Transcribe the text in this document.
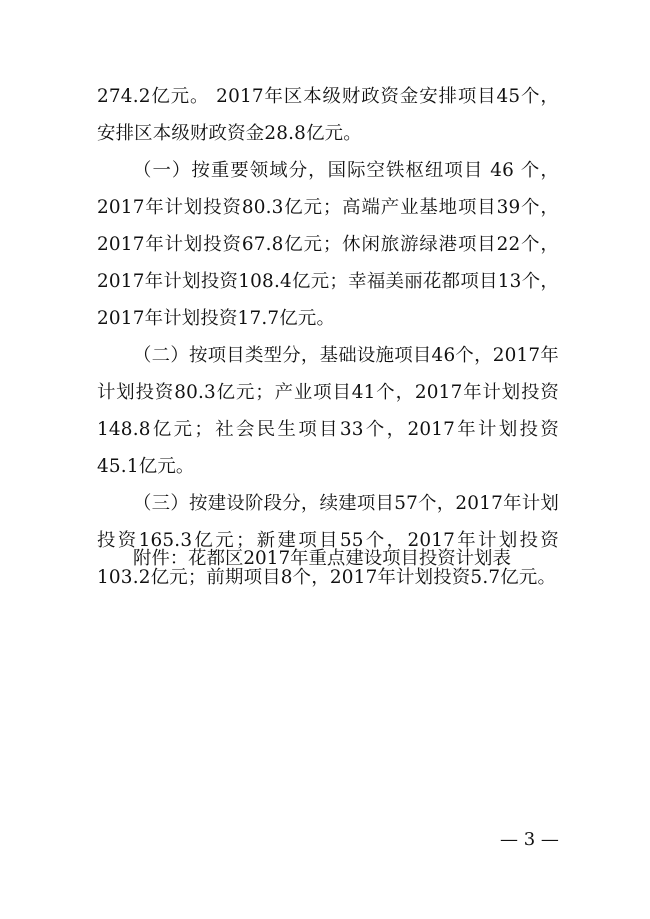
274.2亿元。 2017年区本级财政资金安排项目45个，安排区本级财政资金28.8亿元。

（一）按重要领域分，国际空铁枢纽项目 46 个，2017年计划投资80.3亿元；高端产业基地项目39个，2017年计划投资67.8亿元；休闲旅游绿港项目22个，2017年计划投资108.4亿元；幸福美丽花都项目13个，2017年计划投资17.7亿元。

（二）按项目类型分，基础设施项目46个，2017年计划投资80.3亿元；产业项目41个，2017年计划投资148.8亿元；社会民生项目33个，2017年计划投资45.1亿元。

（三）按建设阶段分，续建项目57个，2017年计划投资165.3亿元；新建项目55个，2017年计划投资103.2亿元；前期项目8个，2017年计划投资5.7亿元。

附件：花都区2017年重点建设项目投资计划表

— 3 —
